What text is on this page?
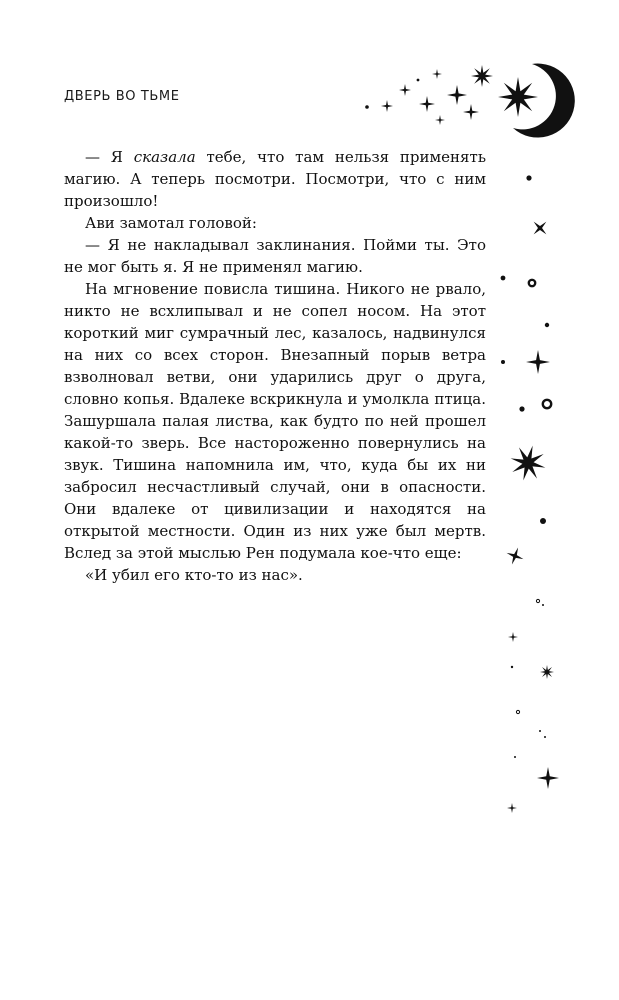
ДВЕРЬ ВО ТЬМЕ

— Я сказала тебе, что там нельзя применять магию. А теперь посмотри. Посмотри, что с ним произошло!

Ави замотал головой:

— Я не накладывал заклинания. Пойми ты. Это не мог быть я. Я не применял магию.

На мгновение повисла тишина. Никого не рвало, никто не всхлипывал и не сопел носом. На этот короткий миг сумрачный лес, казалось, надвинулся на них со всех сторон. Внезапный порыв ветра взволновал ветви, они ударились друг о друга, словно копья. Вдалеке вскрикнула и умолкла птица. Зашуршала палая листва, как будто по ней прошел какой-то зверь. Все настороженно повернулись на звук. Тишина напомнила им, что, куда бы их ни забросил несчастливый случай, они в опасности. Они вдалеке от цивилизации и находятся на открытой местности. Один из них уже был мертв. Вслед за этой мыслью Рен подумала кое-что еще:

«И убил его кто-то из нас».
